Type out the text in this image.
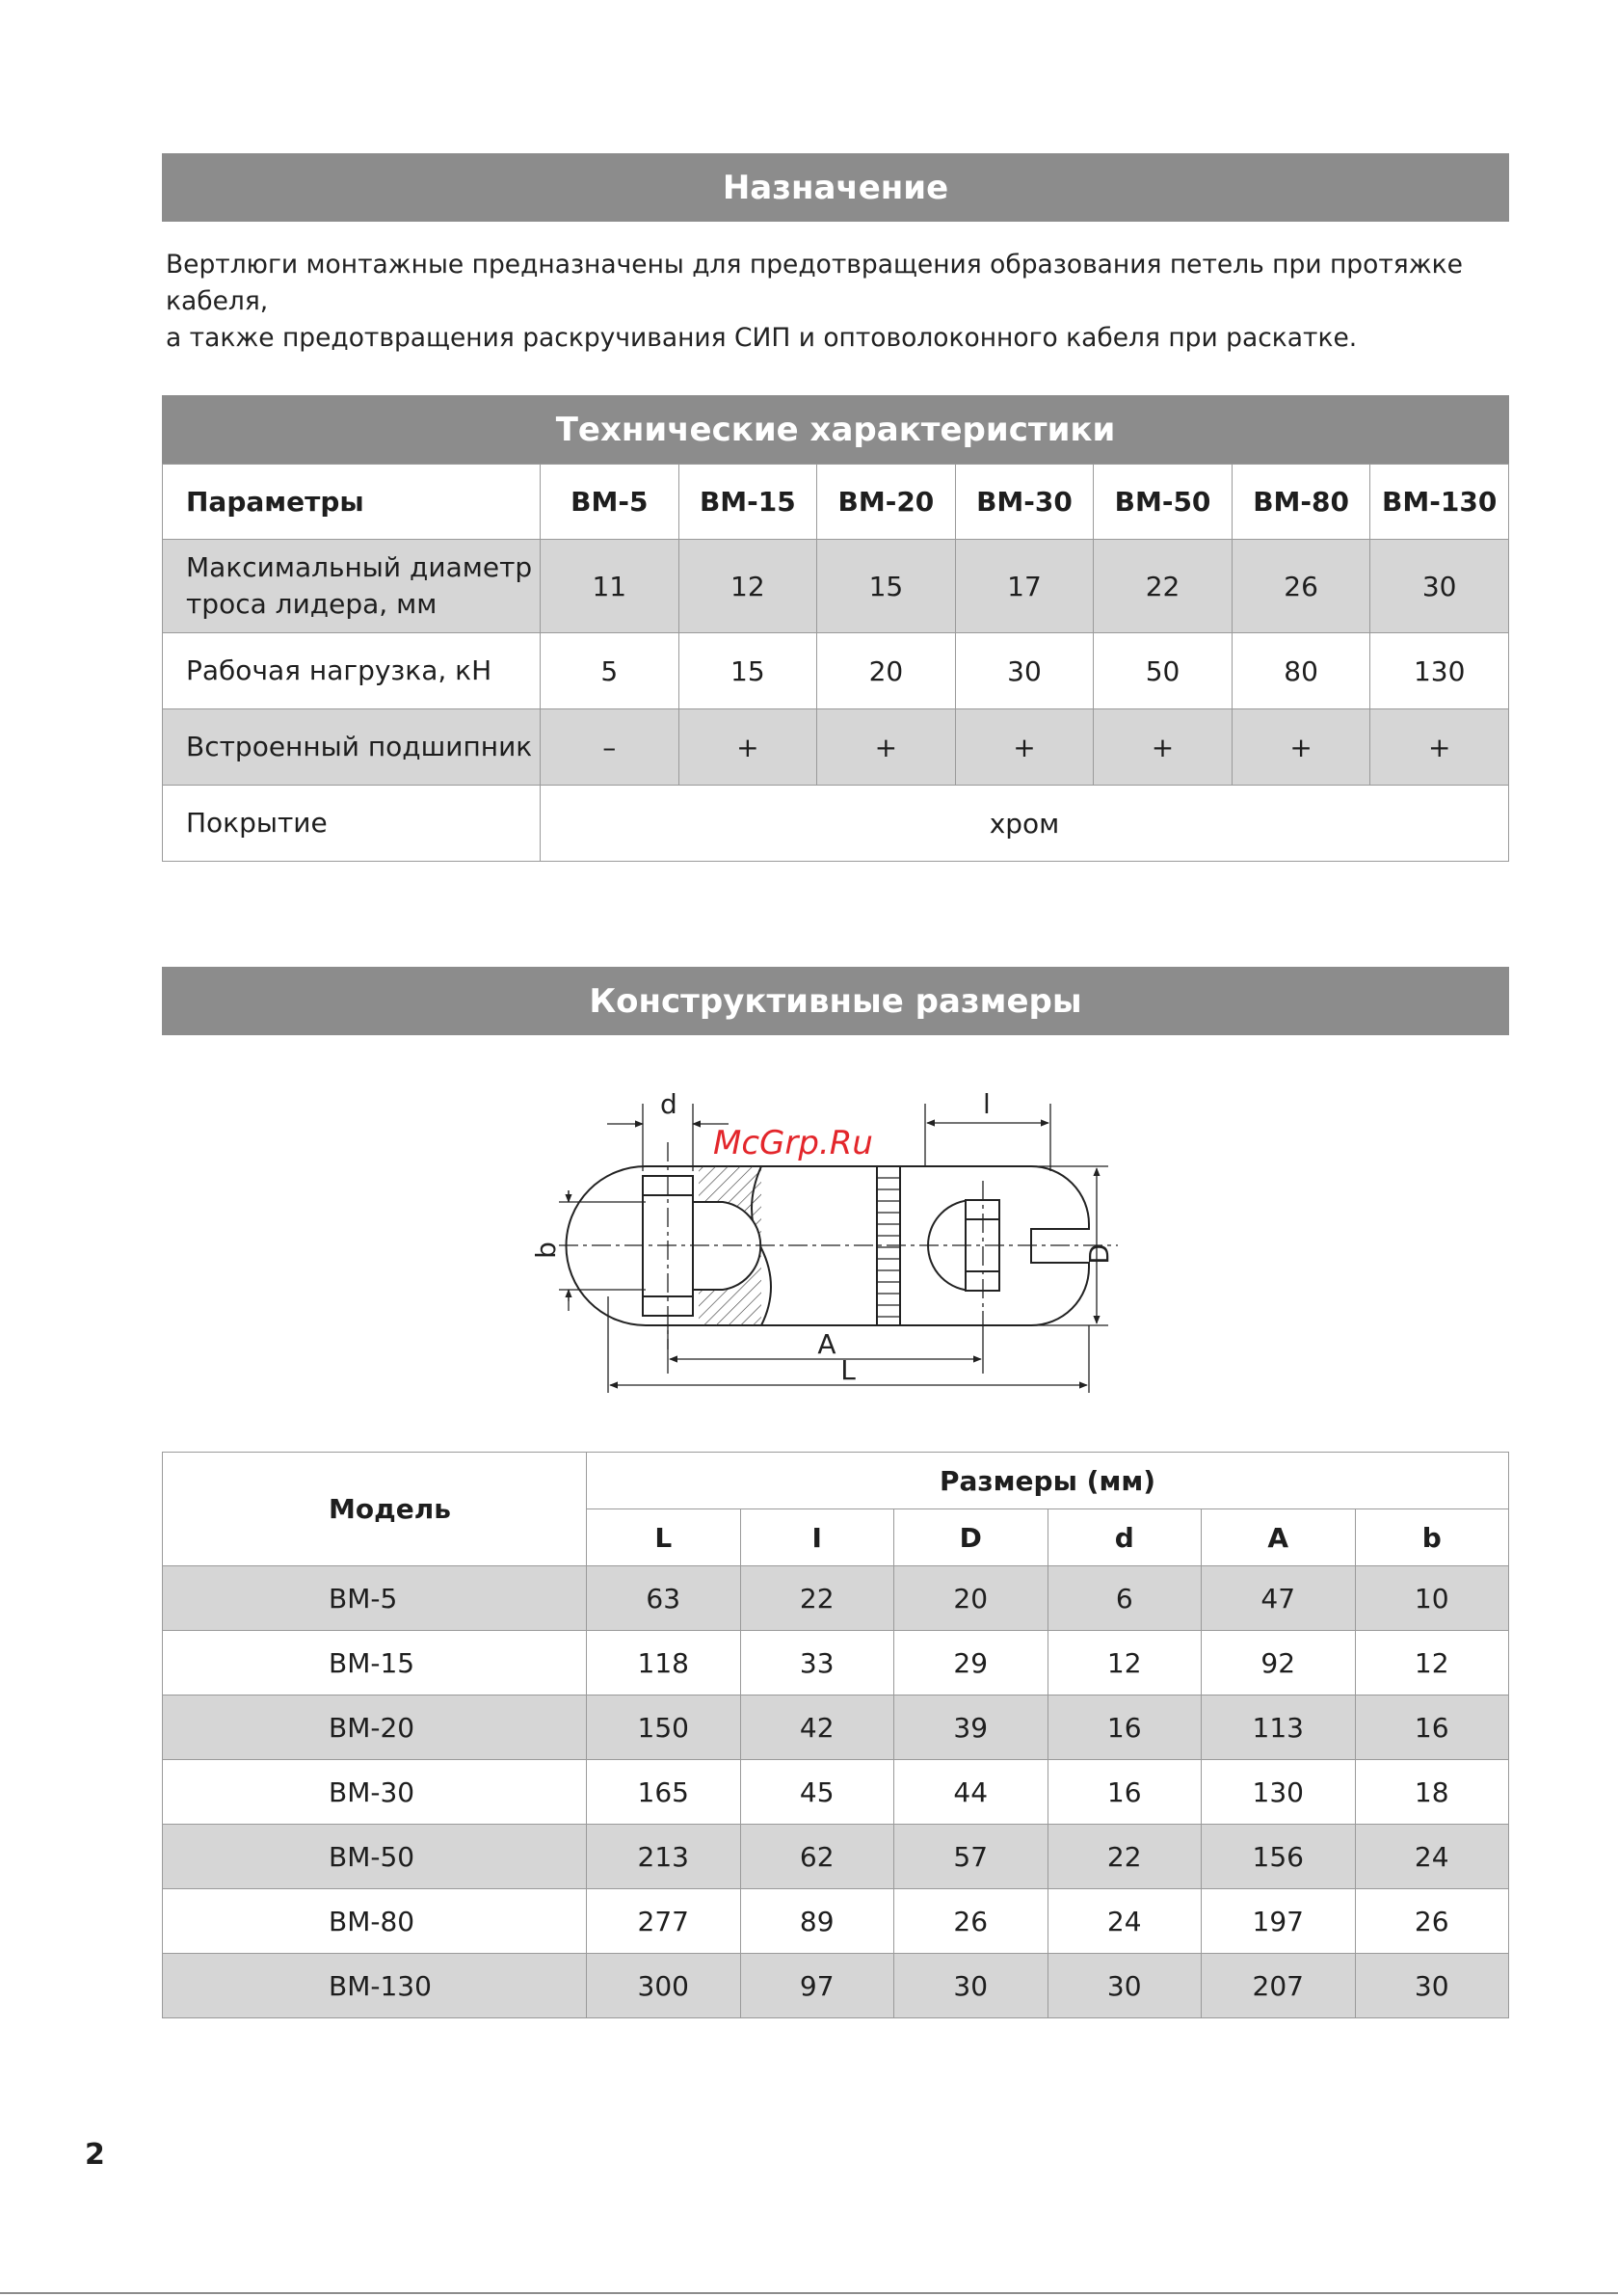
Назначение
Вертлюги монтажные предназначены для предотвращения образования петель при протяжке кабеля,
а также предотвращения раскручивания СИП и оптоволоконного кабеля при раскатке.
Технические характеристики
Параметры	ВМ-5	ВМ-15	ВМ-20	ВМ-30	ВМ-50	ВМ-80	ВМ-130

Максимальный диаметр
троса лидера, мм	11	12	15	17	22	26	30
Рабочая нагрузка, кН	5	15	20	30	50	80	130
Встроенный подшипник	–	+	+	+	+	+	+
Покрытие	хром						
Конструктивные размеры
d	l
D
b
A
L
McGrp.Ru
Модель	Размеры (мм)					
	L	I	D	d	A	b
ВМ-5	63	22	20	6	47	10
ВМ-15	118	33	29	12	92	12
ВМ-20	150	42	39	16	113	16
ВМ-30	165	45	44	16	130	18
ВМ-50	213	62	57	22	156	24
ВМ-80	277	89	26	24	197	26
ВМ-130	300	97	30	30	207	30
2
